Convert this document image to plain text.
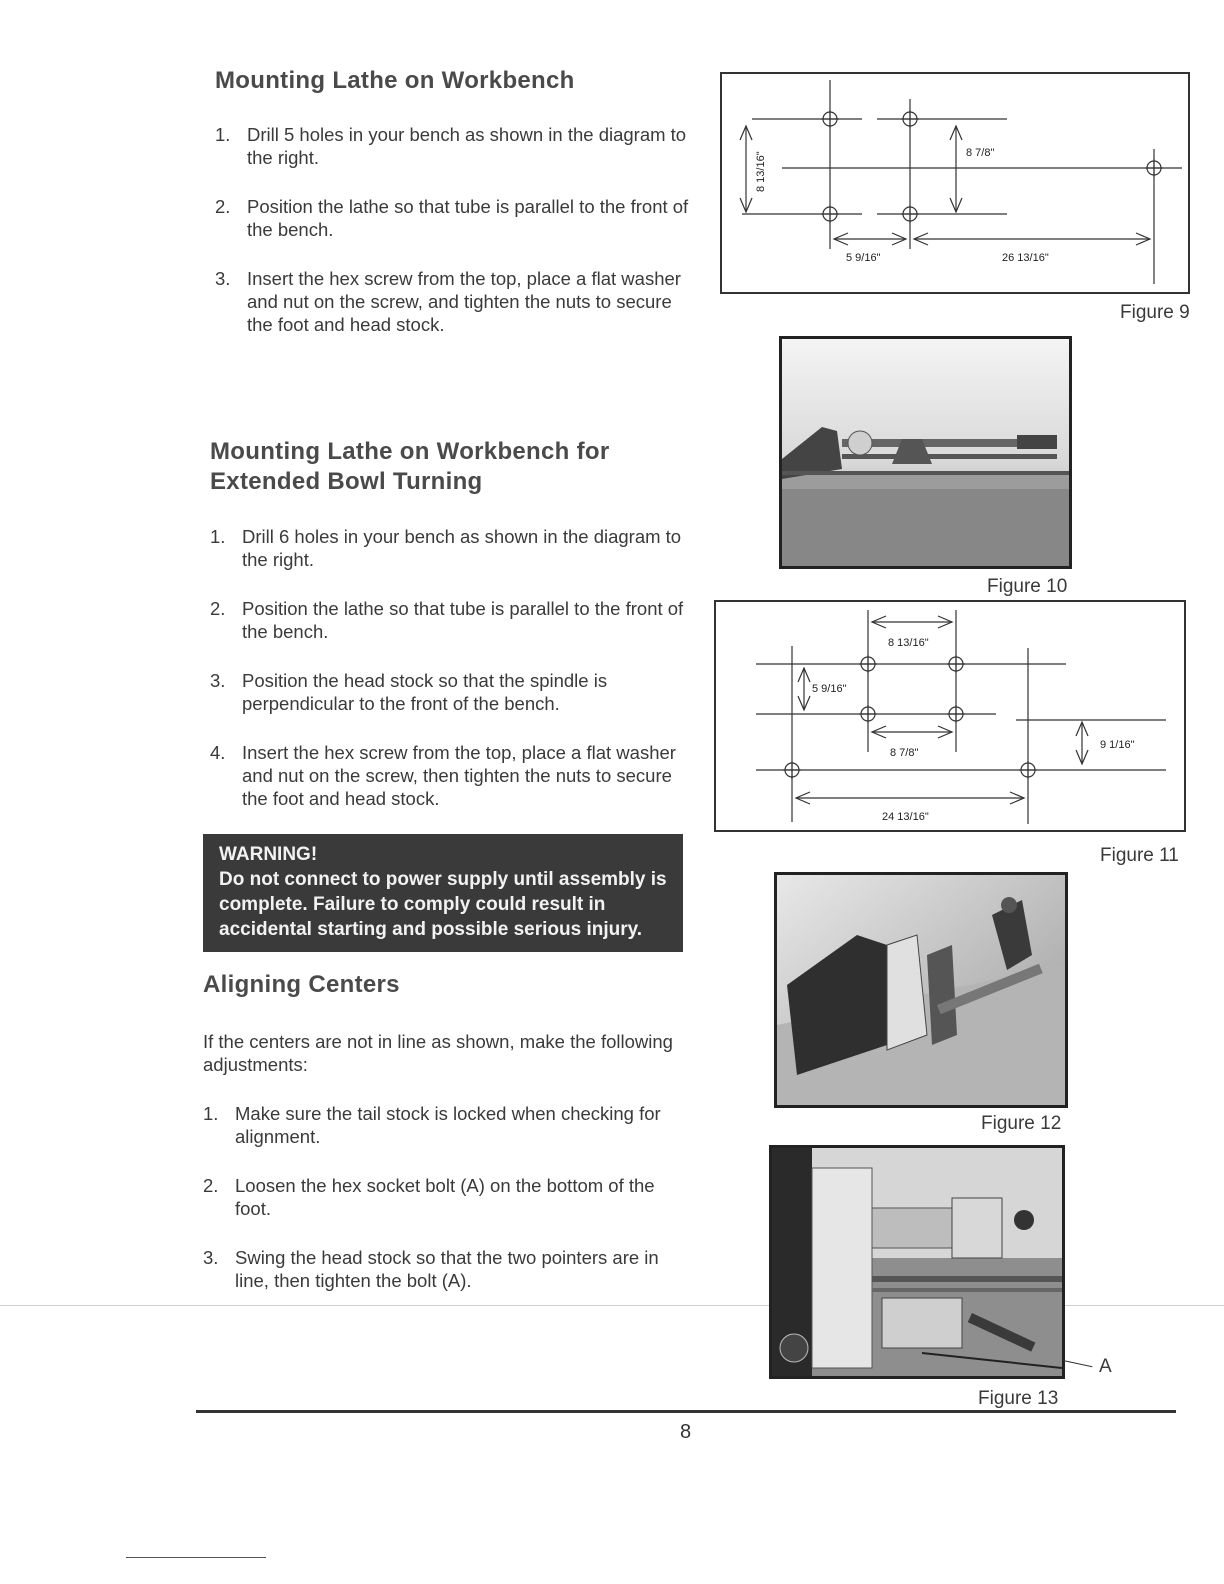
Mounting Lathe on Workbench
1. Drill 5 holes in your bench as shown in the diagram to the right.
2. Position the lathe so that tube is parallel to the front of the bench.
3. Insert the hex screw from the top, place a flat washer and nut on the screw, and tighten the nuts to secure the foot and head stock.
Mounting Lathe on Workbench for
Extended Bowl Turning
1. Drill 6 holes in your bench as shown in the diagram to the right.
2. Position the lathe so that tube is parallel to the front of the bench.
3. Position the head stock so that the spindle is perpendicular to the front of the bench.
4. Insert the hex screw from the top, place a flat washer and nut on the screw, then tighten the nuts to secure the foot and head stock.
WARNING!
Do not connect to power supply until assembly is complete. Failure to comply could result in accidental starting and possible serious injury.
Aligning Centers

If the centers are not in line as shown, make the following adjustments:

1. Make sure the tail stock is locked when checking for alignment.
2. Loosen the hex socket bolt (A) on the bottom of the foot.
3. Swing the head stock so that the two pointers are in line, then tighten the bolt (A).
8 13/16"	8 7/8"
5 9/16"	26 13/16"
Figure 9
Figure 10
8 13/16"
5 9/16"
8 7/8"
9 1/16"
24 13/16"
Figure 11
Figure 12
A
Figure 13
8
